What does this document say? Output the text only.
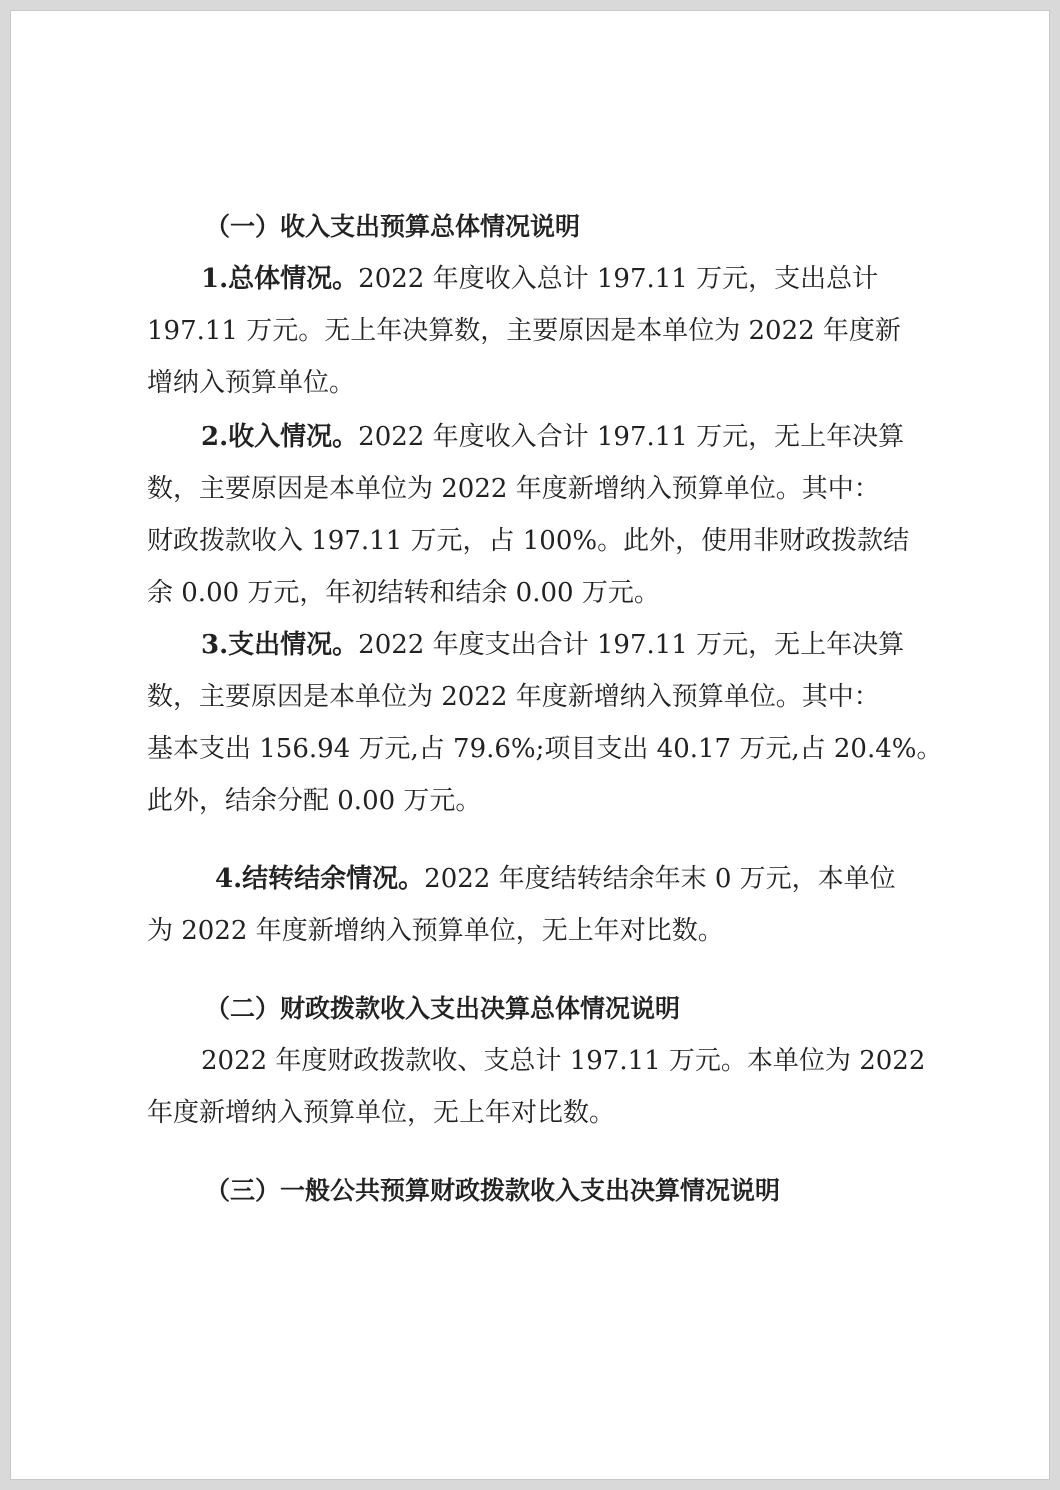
（一）收入支出预算总体情况说明
1.总体情况。2022 年度收入总计 197.11 万元，支出总计
197.11 万元。无上年决算数，主要原因是本单位为 2022 年度新
增纳入预算单位。
2.收入情况。2022 年度收入合计 197.11 万元，无上年决算
数，主要原因是本单位为 2022 年度新增纳入预算单位。其中：
财政拨款收入 197.11 万元，占 100%。此外，使用非财政拨款结
余 0.00 万元，年初结转和结余 0.00 万元。
3.支出情况。2022 年度支出合计 197.11 万元，无上年决算
数，主要原因是本单位为 2022 年度新增纳入预算单位。其中：
基本支出 156.94 万元,占 79.6%;项目支出 40.17 万元,占 20.4%。
此外，结余分配 0.00 万元。
4.结转结余情况。2022 年度结转结余年末 0 万元，本单位
为 2022 年度新增纳入预算单位，无上年对比数。
（二）财政拨款收入支出决算总体情况说明
2022 年度财政拨款收、支总计 197.11 万元。本单位为 2022
年度新增纳入预算单位，无上年对比数。
（三）一般公共预算财政拨款收入支出决算情况说明
